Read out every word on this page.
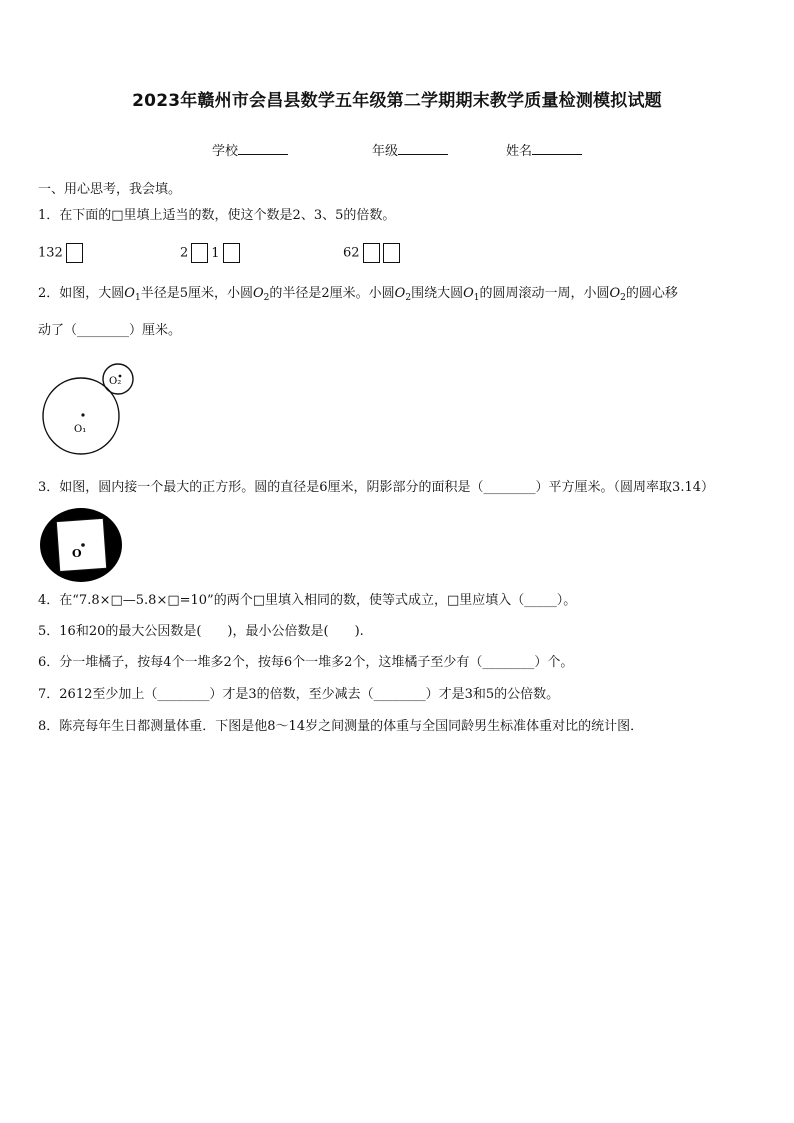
2023年赣州市会昌县数学五年级第二学期期末教学质量检测模拟试题
学校	年级	姓名
一、用心思考，我会填。
1．在下面的□里填上适当的数，使这个数是2、3、5的倍数。
132	2 1	62
2．如图，大圆$O_1$半径是5厘米，小圆$O_2$的半径是2厘米。小圆$O_2$围绕大圆$O_1$的圆周滚动一周，小圆$O_2$的圆心移
动了（________）厘米。
O₂
O₁
3．如图，圆内接一个最大的正方形。圆的直径是6厘米，阴影部分的面积是（________）平方厘米。（圆周率取3.14）
O
4．在“7.8×□—5.8×□=10”的两个□里填入相同的数，使等式成立，□里应填入（_____）。
5．16和20的最大公因数是(　　)，最小公倍数是(　　).
6．分一堆橘子，按每4个一堆多2个，按每6个一堆多2个，这堆橘子至少有（________）个。
7．2612至少加上（________）才是3的倍数，至少减去（________）才是3和5的公倍数。
8．陈亮每年生日都测量体重．下图是他8～14岁之间测量的体重与全国同龄男生标准体重对比的统计图．
